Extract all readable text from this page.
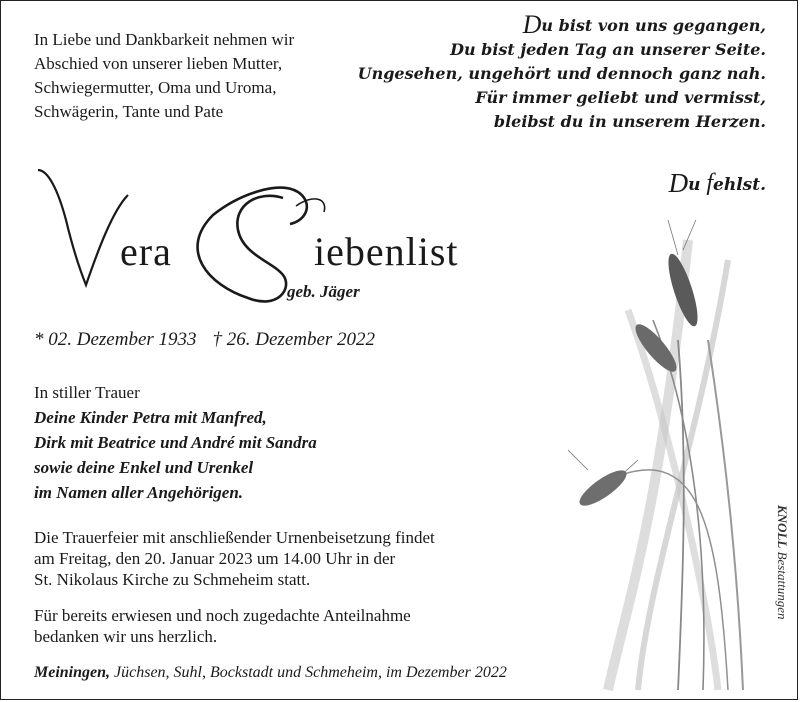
In Liebe und Dankbarkeit nehmen wir
Abschied von unserer lieben Mutter,
Schwiegermutter, Oma und Uroma,
Schwägerin, Tante und Pate
Du bist von uns gegangen,
Du bist jeden Tag an unserer Seite.
Ungesehen, ungehört und dennoch ganz nah.
Für immer geliebt und vermisst,
bleibst du in unserem Herzen.
Du fehlst.
V	S
era	iebenlist
geb. Jäger
* 02. Dezember 1933 † 26. Dezember 2022
In stiller Trauer
Deine Kinder Petra mit Manfred,
Dirk mit Beatrice und André mit Sandra
sowie deine Enkel und Urenkel
im Namen aller Angehörigen.
Die Trauerfeier mit anschließender Urnenbeisetzung findet
am Freitag, den 20. Januar 2023 um 14.00 Uhr in der
St. Nikolaus Kirche zu Schmeheim statt.
Für bereits erwiesen und noch zugedachte Anteilnahme
bedanken wir uns herzlich.
Meiningen, Jüchsen, Suhl, Bockstadt und Schmeheim, im Dezember 2022
KNOLL Bestattungen
